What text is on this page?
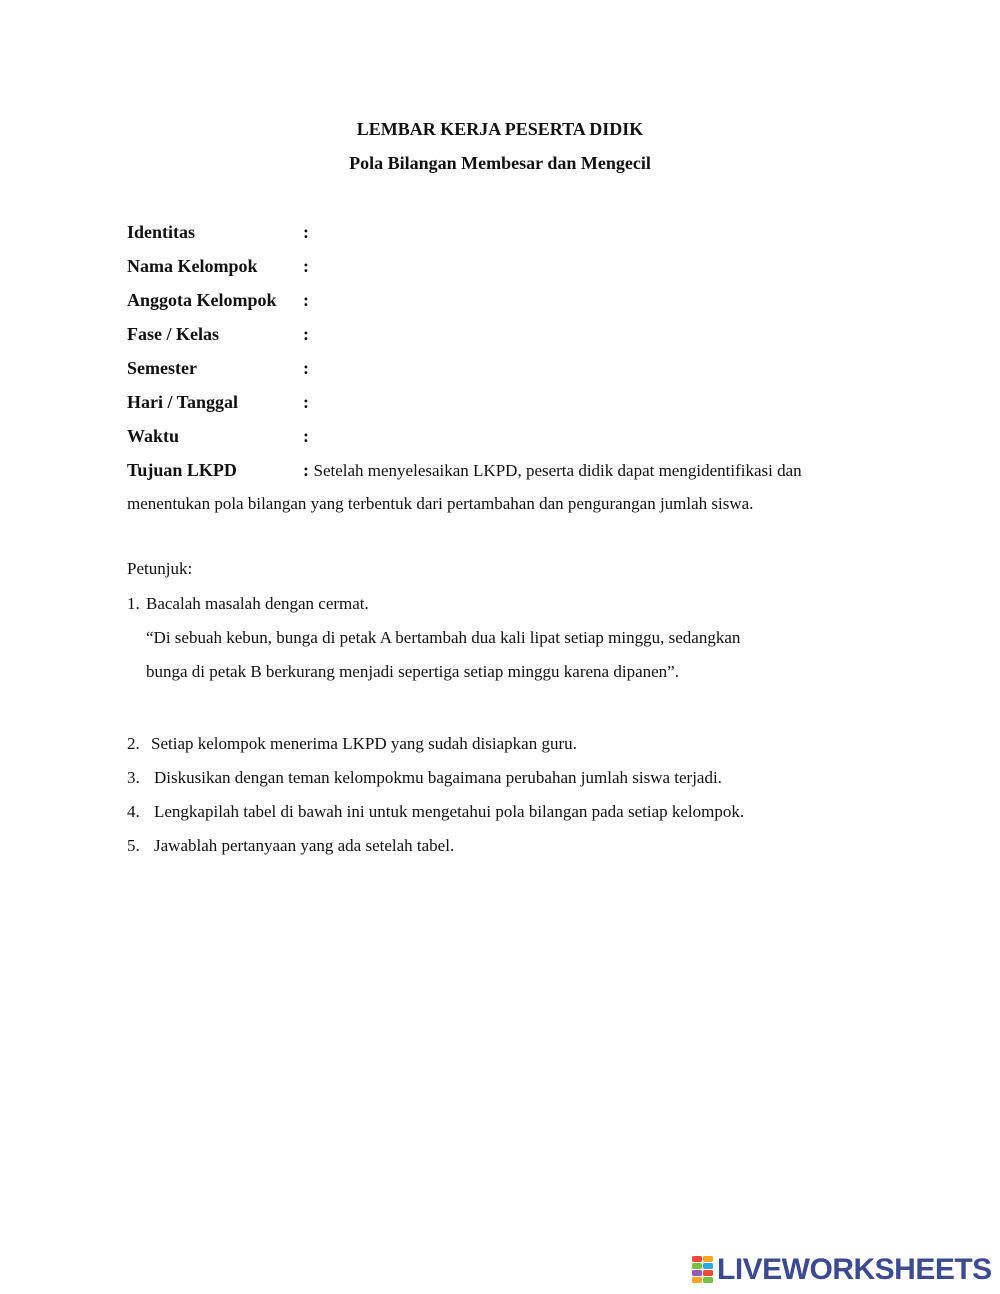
LEMBAR KERJA PESERTA DIDIK
Pola Bilangan Membesar dan Mengecil
Identitas	:
Nama Kelompok	:
Anggota Kelompok :
Fase / Kelas	:
Semester	:
Hari / Tanggal	:
Waktu	:
Tujuan LKPD	: Setelah menyelesaikan LKPD, peserta didik dapat mengidentifikasi dan
menentukan pola bilangan yang terbentuk dari pertambahan dan pengurangan jumlah siswa.
Petunjuk:
1. Bacalah masalah dengan cermat.
“Di sebuah kebun, bunga di petak A bertambah dua kali lipat setiap minggu, sedangkan
bunga di petak B berkurang menjadi sepertiga setiap minggu karena dipanen”.
2. Setiap kelompok menerima LKPD yang sudah disiapkan guru.
3. Diskusikan dengan teman kelompokmu bagaimana perubahan jumlah siswa terjadi.
4. Lengkapilah tabel di bawah ini untuk mengetahui pola bilangan pada setiap kelompok.
5. Jawablah pertanyaan yang ada setelah tabel.
LIVEWORKSHEETS
